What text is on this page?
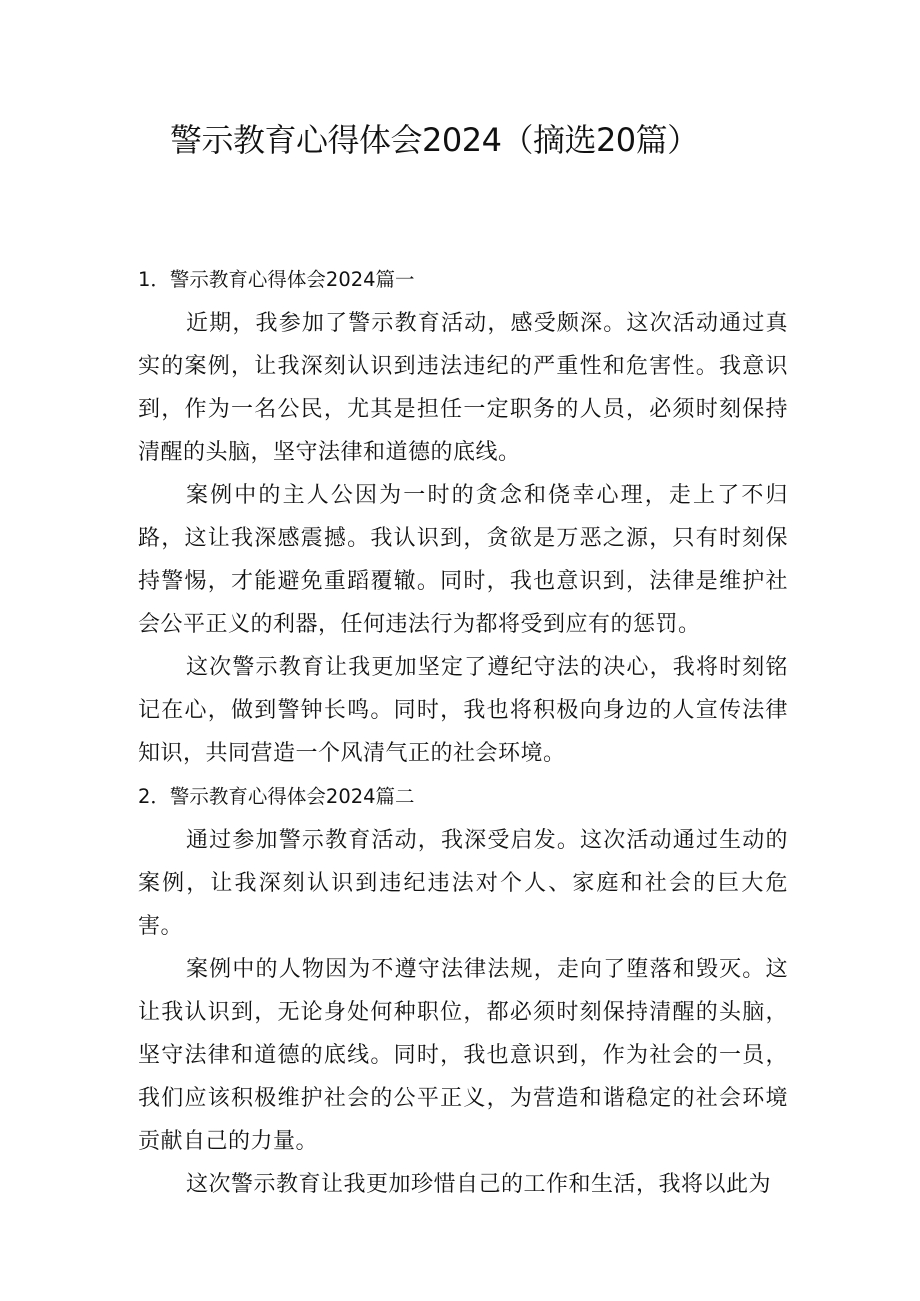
警示教育心得体会2024（摘选20篇）
1．警示教育心得体会2024篇一

近期，我参加了警示教育活动，感受颇深。这次活动通过真实的案例，让我深刻认识到违法违纪的严重性和危害性。我意识到，作为一名公民，尤其是担任一定职务的人员，必须时刻保持清醒的头脑，坚守法律和道德的底线。

案例中的主人公因为一时的贪念和侥幸心理，走上了不归路，这让我深感震撼。我认识到，贪欲是万恶之源，只有时刻保持警惕，才能避免重蹈覆辙。同时，我也意识到，法律是维护社会公平正义的利器，任何违法行为都将受到应有的惩罚。

这次警示教育让我更加坚定了遵纪守法的决心，我将时刻铭记在心，做到警钟长鸣。同时，我也将积极向身边的人宣传法律知识，共同营造一个风清气正的社会环境。

2．警示教育心得体会2024篇二

通过参加警示教育活动，我深受启发。这次活动通过生动的案例，让我深刻认识到违纪违法对个人、家庭和社会的巨大危害。

案例中的人物因为不遵守法律法规，走向了堕落和毁灭。这让我认识到，无论身处何种职位，都必须时刻保持清醒的头脑，坚守法律和道德的底线。同时，我也意识到，作为社会的一员，我们应该积极维护社会的公平正义，为营造和谐稳定的社会环境贡献自己的力量。

这次警示教育让我更加珍惜自己的工作和生活，我将以此为
